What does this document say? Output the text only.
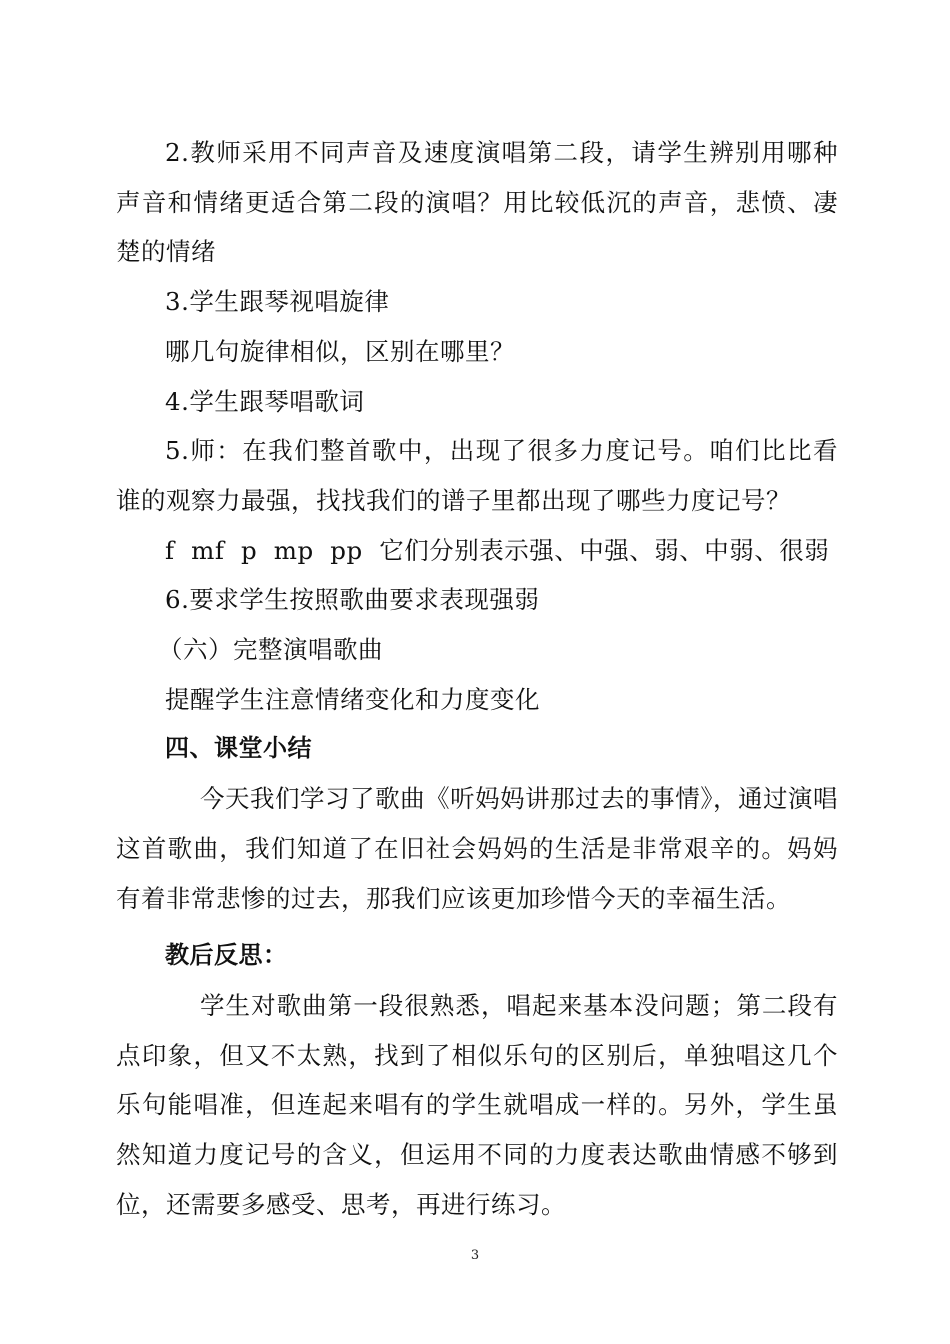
2.教师采用不同声音及速度演唱第二段，请学生辨别用哪种声音和情绪更适合第二段的演唱？用比较低沉的声音，悲愤、凄楚的情绪

3.学生跟琴视唱旋律

哪几句旋律相似，区别在哪里？

4.学生跟琴唱歌词

5.师：在我们整首歌中，出现了很多力度记号。咱们比比看谁的观察力最强，找找我们的谱子里都出现了哪些力度记号？

f  mf  p  mp  pp  它们分别表示强、中强、弱、中弱、很弱

6.要求学生按照歌曲要求表现强弱

（六）完整演唱歌曲

提醒学生注意情绪变化和力度变化

四、课堂小结

今天我们学习了歌曲《听妈妈讲那过去的事情》，通过演唱这首歌曲，我们知道了在旧社会妈妈的生活是非常艰辛的。妈妈有着非常悲惨的过去，那我们应该更加珍惜今天的幸福生活。

教后反思：

学生对歌曲第一段很熟悉，唱起来基本没问题；第二段有点印象，但又不太熟，找到了相似乐句的区别后，单独唱这几个乐句能唱准，但连起来唱有的学生就唱成一样的。另外，学生虽然知道力度记号的含义，但运用不同的力度表达歌曲情感不够到位，还需要多感受、思考，再进行练习。

3
